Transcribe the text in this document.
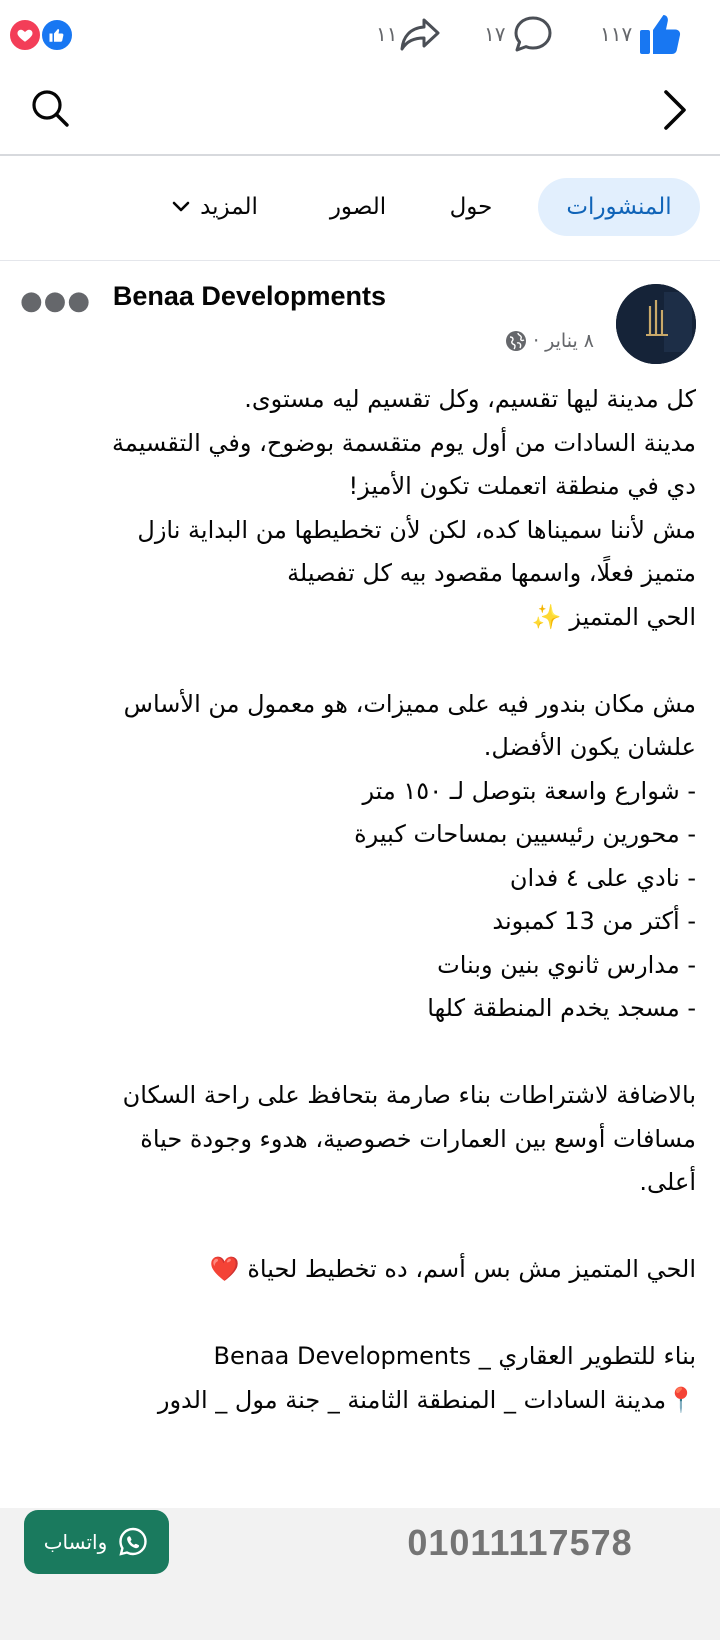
١١	١٧	١١٧
المنشورات
حول
الصور
المزيد
Benaa Developments
٨ يناير ·
●●●
كل مدينة ليها تقسيم، وكل تقسيم ليه مستوى.
مدينة السادات من أول يوم متقسمة بوضوح، وفي التقسيمة
دي في منطقة اتعملت تكون الأميز!
مش لأننا سميناها كده، لكن لأن تخطيطها من البداية نازل
متميز فعلًا، واسمها مقصود بيه كل تفصيلة
الحي المتميز ✨
مش مكان بندور فيه على مميزات، هو معمول من الأساس
علشان يكون الأفضل.
- شوارع واسعة بتوصل لـ ١٥٠ متر
- محورين رئيسيين بمساحات كبيرة
- نادي على ٤ فدان
- أكتر من 13 كمبوند
- مدارس ثانوي بنين وبنات
- مسجد يخدم المنطقة كلها
بالاضافة لاشتراطات بناء صارمة بتحافظ على راحة السكان
مسافات أوسع بين العمارات خصوصية، هدوء وجودة حياة
أعلى.
الحي المتميز مش بس أسم، ده تخطيط لحياة ❤️
بناء للتطوير العقاري _ Benaa Developments
📍مدينة السادات _ المنطقة الثامنة _ جنة مول _ الدور
01011117578
واتساب
